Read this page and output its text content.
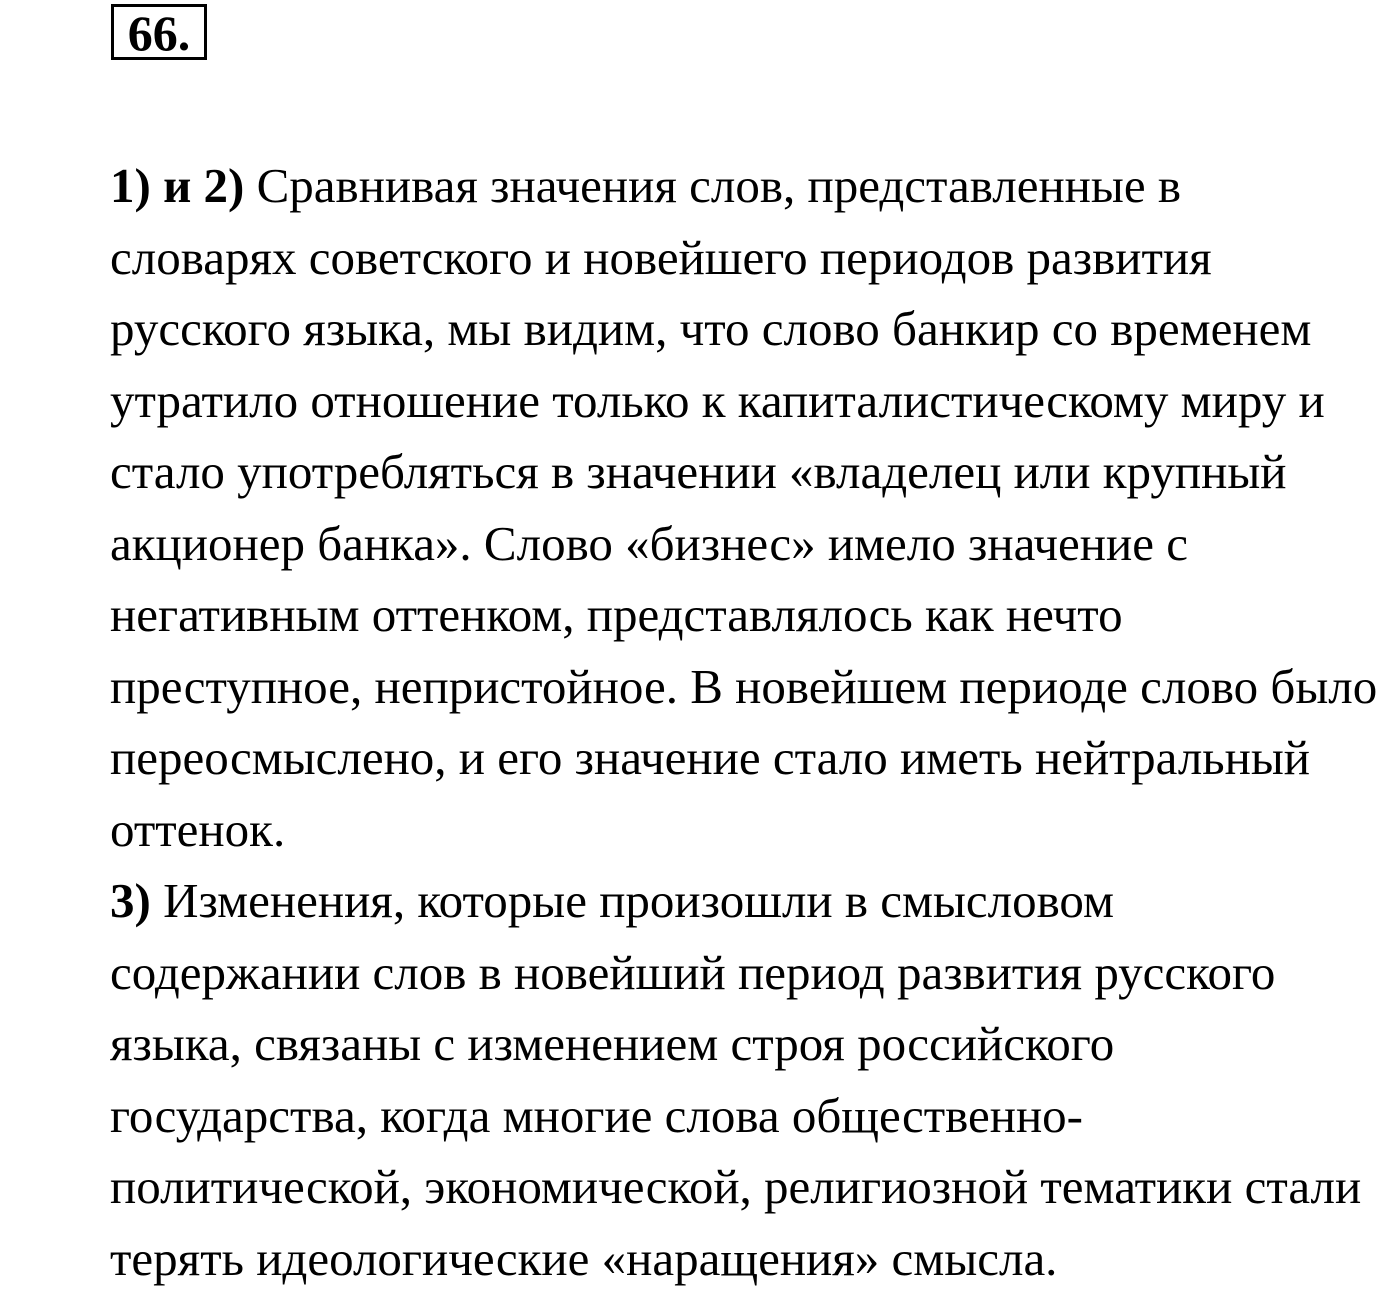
66.

1) и 2) Сравнивая значения слов, представленные в
словарях советского и новейшего периодов развития
русского языка, мы видим, что слово банкир со временем
утратило отношение только к капиталистическому миру и
стало употребляться в значении «владелец или крупный
акционер банка». Слово «бизнес» имело значение с
негативным оттенком, представлялось как нечто
преступное, непристойное. В новейшем периоде слово было
переосмыслено, и его значение стало иметь нейтральный
оттенок.

3) Изменения, которые произошли в смысловом
содержании слов в новейший период развития русского
языка, связаны с изменением строя российского
государства, когда многие слова общественно-
политической, экономической, религиозной тематики стали
терять идеологические «наращения» смысла.
